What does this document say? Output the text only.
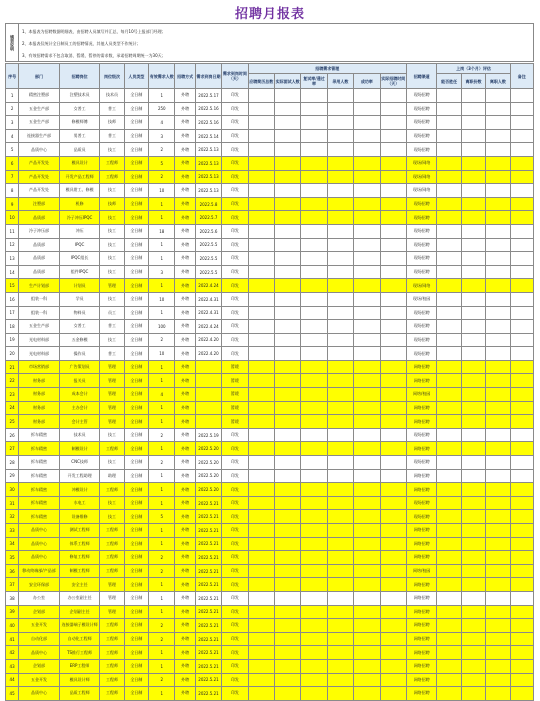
招聘月报表
填表说明
1、本报表为招聘数据明细表，由招聘人员填写并汇总，每月10号上报部门经理；
2、本报表仅统计全日制员工的招聘情况，其他人员类型不作统计；
3、有效招聘需求不包含取消、暂缓、暂停的需求数，承诺招聘周期统一为30天；
序号	部门	招聘岗位	岗位级次	人员类型	有效需求人数	招聘方式	需求到岗日期	需求到岗时间（天）	招聘需求管理						招聘渠道	上岗（3个月）评估			备注
									应聘简历总数	实际面试人数	复试率/通过率	录用人数	成功率	实际招聘时间（天）		能否胜任	离职份数	离职人数	
1	精密注塑部	注塑技术员	技术员	全日制	1	外聘	2022.5.17	印发							现场招聘				
2	五金生产部	女普工	普工	全日制	250	外聘	2022.5.16	印发							现场招聘				
3	五金生产部	修模师傅	技师	全日制	4	外聘	2022.5.16	印发							现场招聘				
4	连接器生产部	男普工	普工	全日制	3	外聘	2022.5.14	印发							现场招聘				
5	品质中心	品质员	技工	全日制	2	外聘	2022.5.13	印发							现场招聘				
6	产品开发处	模具设计	工程师	全日制	5	外聘	2022.5.13	印发							现场/网络				
7	产品开发处	开发产品工程师	工程师	全日制	2	外聘	2022.5.13	印发							现场/网络				
8	产品开发处	模具钳工、修模	技工	全日制	10	外聘	2022.5.13	印发							现场/网络				
9	注塑部	机修	技师	全日制	1	外聘	2022.5.8	印发							现场招聘				
10	品质部	冷子冲压IPQC	技工	全日制	1	外聘	2022.5.7	印发							现场招聘				
11	冷子冲压部	冲压	技工	全日制	18	外聘	2022.5.6	印发							现场招聘				
12	品质部	IPQC	技工	全日制	1	外聘	2022.5.5	印发							现场招聘				
13	品质部	IPQC组长	技工	全日制	1	外聘	2022.5.5	印发							现场招聘				
14	品质部	组件IPQC	技工	全日制	3	外聘	2022.5.5	印发							现场招聘				
15	生产计划部	计划员	管理	全日制	1	外聘	2022.4.24	印发							现场/网络				
16	组装一科	学员	技工	全日制	10	外聘	2022.4.31	印发							现场/校园				
17	组装一科	物料员	员工	全日制	1	外聘	2022.4.31	印发							现场招聘				
18	五金生产部	女普工	普工	全日制	100	外聘	2022.4.24	印发							现场招聘				
19	光电材料部	五金修模	技工	全日制	2	外聘	2022.4.20	印发							现场招聘				
20	光电材料部	操作员	普工	全日制	10	外聘	2022.4.20	印发							现场招聘				
21	市场营销部	广告策划员	管理	全日制	1	外聘		暂缓							网络招聘				
22	财务部	报关员	管理	全日制	1	外聘		暂缓							网络招聘				
23	财务部	成本会计	管理	全日制	4	外聘		暂缓							网络/校园				
24	财务部	主办会计	管理	全日制	1	外聘		暂缓							网络招聘				
25	财务部	会计主管	管理	全日制	1	外聘		暂缓							网络招聘				
26	拆车精密	技术员	技工	全日制	2	外聘	2022.5.19	印发							现场招聘				
27	拆车精密	制模设计	工程师	全日制	1	外聘	2022.5.20	印发							网络招聘				
28	拆车精密	CNC技师	技工	全日制	2	外聘	2022.5.20	印发							现场招聘				
29	拆车精密	开发工程助理	助理	全日制	1	外聘	2022.5.20	印发							网络招聘				
30	拆车精密	冲模设计	工程师	全日制	1	外聘	2022.5.20	印发							网络招聘				
31	拆车精密	水电工	技工	全日制	1	外聘	2022.5.21	印发							现场招聘				
32	拆车精密	设备维修	技工	全日制	5	外聘	2022.5.21	印发							现场招聘				
33	品质中心	测试工程师	工程师	全日制	1	外聘	2022.5.21	印发							网络招聘				
34	品质中心	体系工程师	工程师	全日制	1	外聘	2022.5.21	印发							网络招聘				
35	品质中心	修复工程师	工程师	全日制	2	外聘	2022.5.21	印发							网络招聘				
36	移动终端部/产品部	制模工程师	工程师	全日制	2	外聘	2022.5.21	印发							网络/校园				
37	安全环保部	安全主任	管理	全日制	1	外聘	2022.5.21	印发							网络招聘				
38	办公室	办公室副主任	管理	全日制	1	外聘	2022.5.21	印发							网络招聘				
39	企划部	企划副主任	管理	全日制	1	外聘	2022.5.21	印发							网络招聘				
40	五金开发	连接器端子模设计师	工程师	全日制	2	外聘	2022.5.21	印发							网络招聘				
41	自动化部	自动化工程师	工程师	全日制	2	外聘	2022.5.21	印发							网络招聘				
42	品质中心	TS推行工程师	工程师	全日制	1	外聘	2022.5.21	印发							网络招聘				
43	企划部	ERP工程师	工程师	全日制	1	外聘	2022.5.21	印发							网络招聘				
44	五金开发	模具设计师	工程师	全日制	2	外聘	2022.5.21	印发							网络招聘				
45	品质中心	品质工程师	工程师	全日制	1	外聘	2022.5.21	印发							网络招聘				
